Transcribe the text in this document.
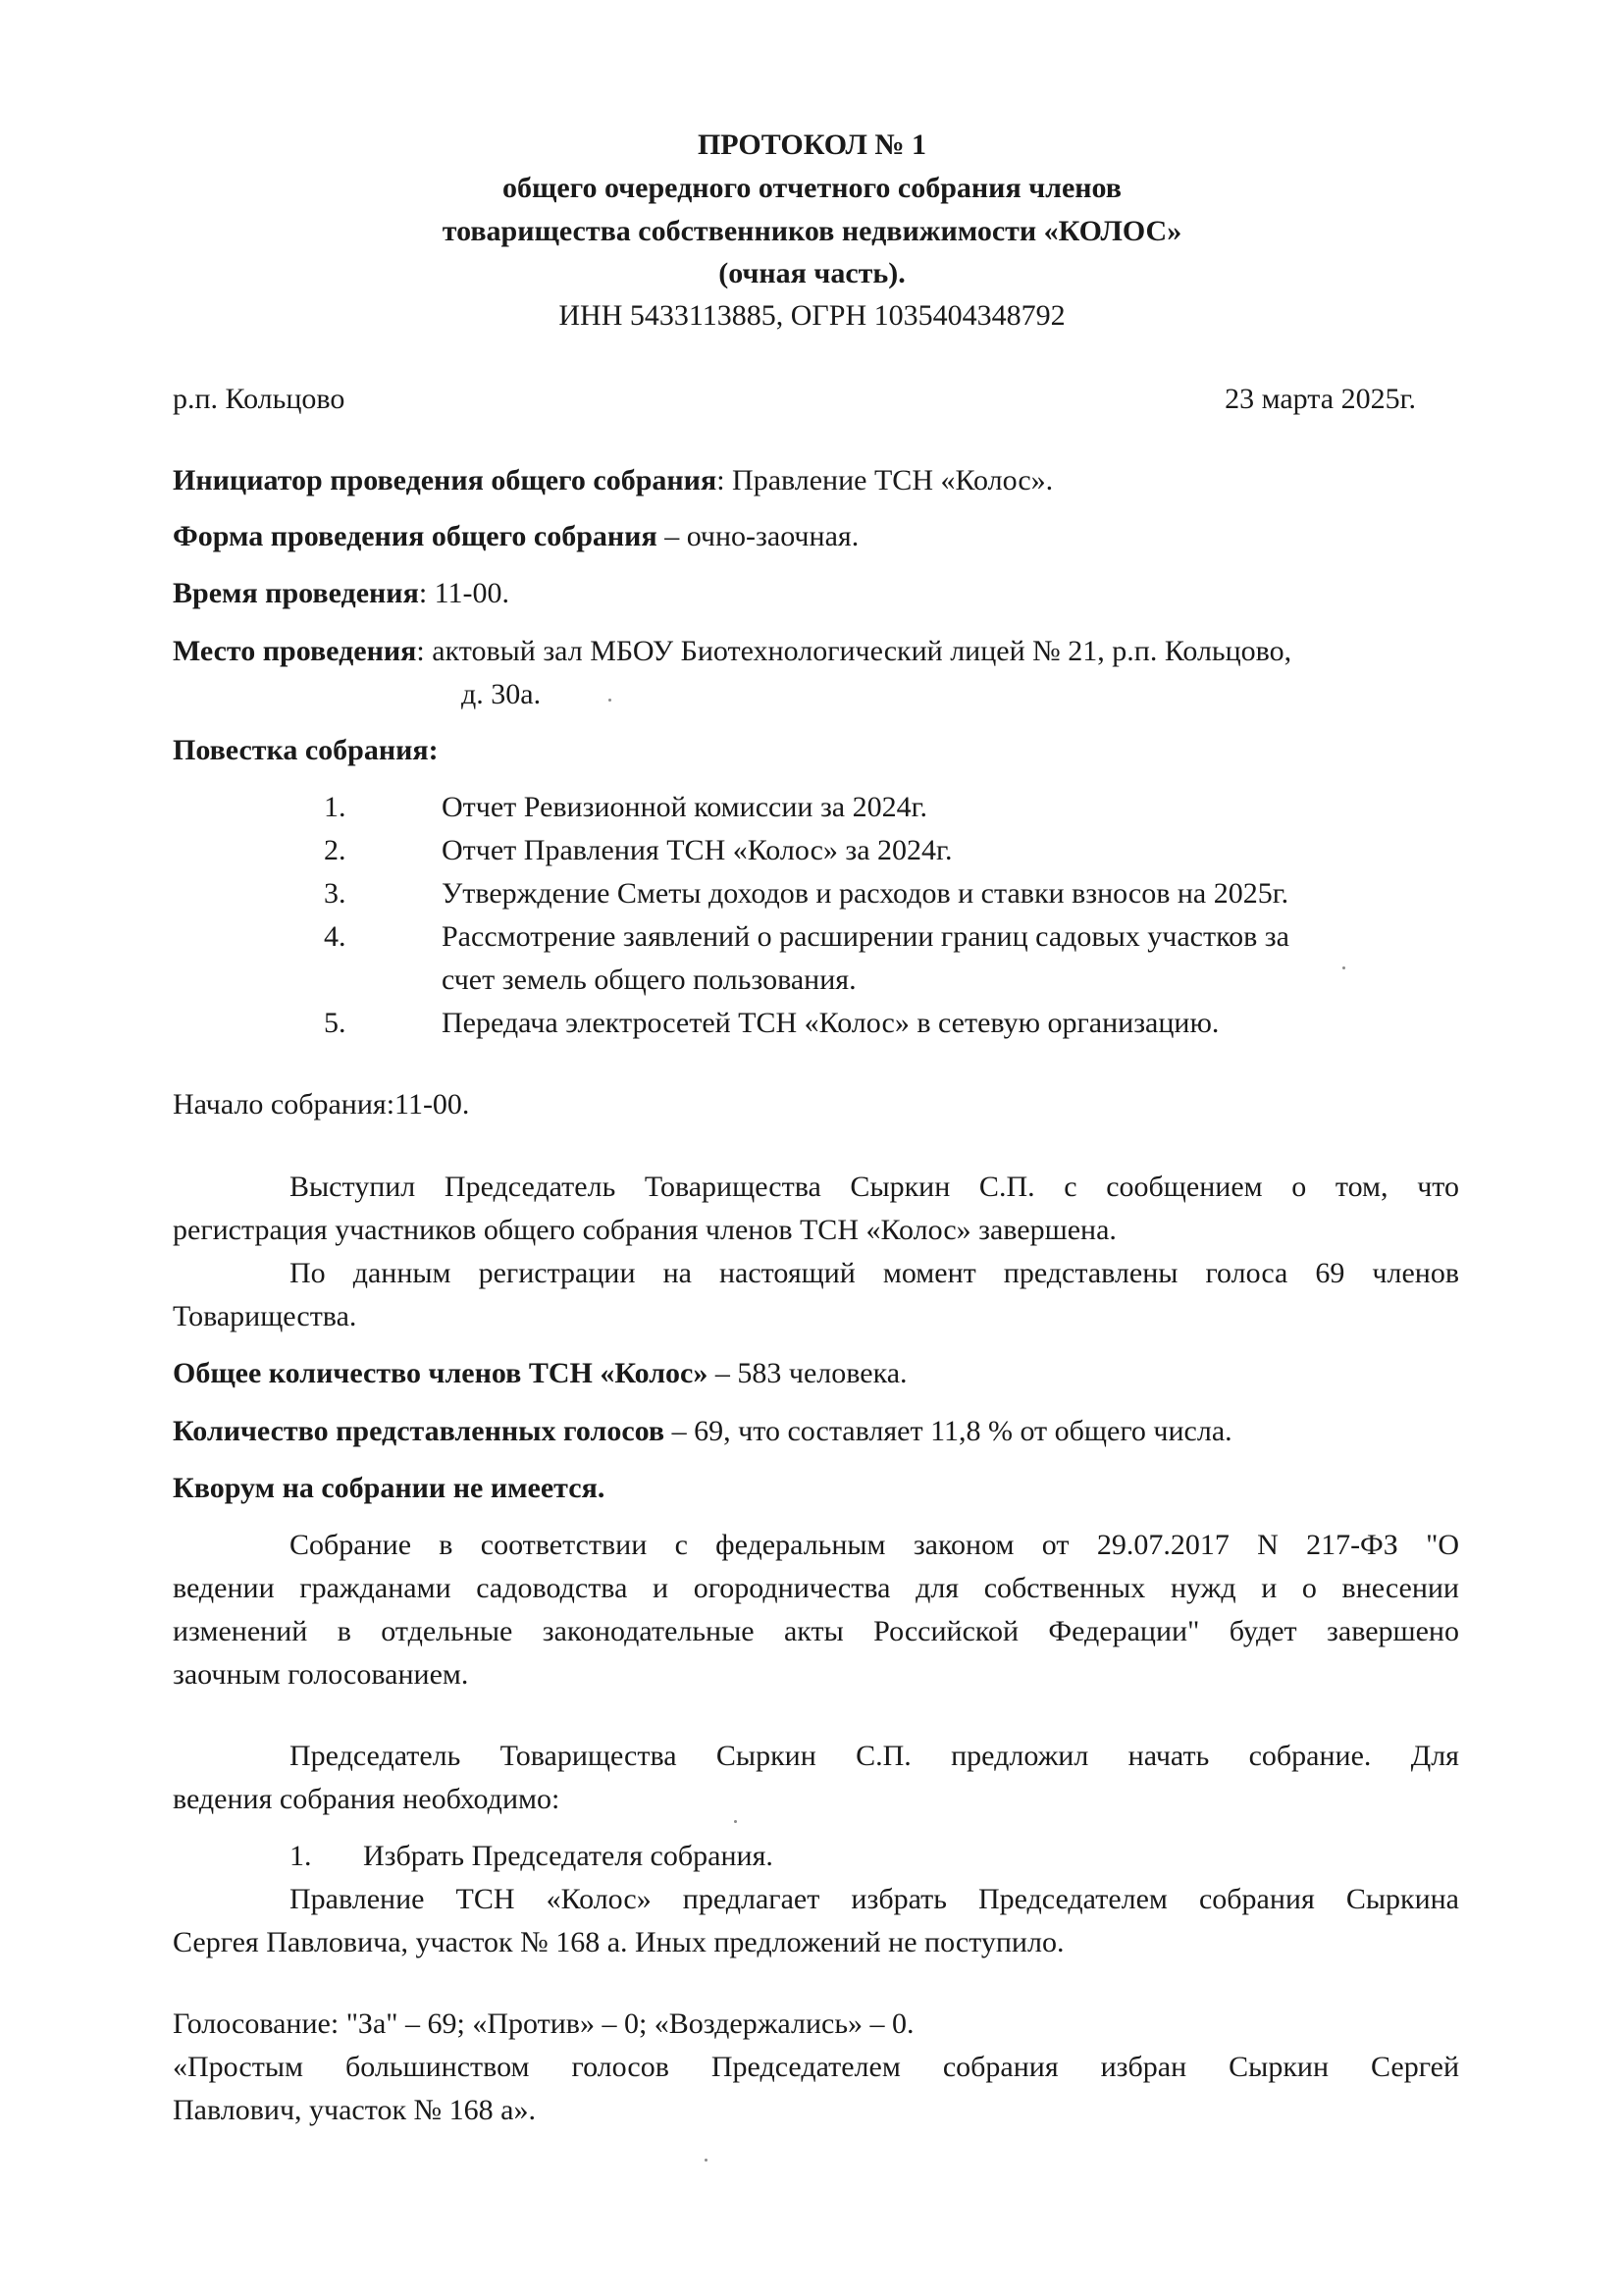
ПРОТОКОЛ № 1
общего очередного отчетного собрания членов
товарищества собственников недвижимости «КОЛОС»
(очная часть).
ИНН 5433113885, ОГРН 1035404348792
р.п. Кольцово	23 марта 2025г.
Инициатор проведения общего собрания: Правление ТСН «Колос».
Форма проведения общего собрания – очно-заочная.
Время проведения: 11-00.
Место проведения: актовый зал МБОУ Биотехнологический лицей № 21, р.п. Кольцово,
д. 30а.
Повестка собрания:
1.	Отчет Ревизионной комиссии за 2024г.
2.	Отчет Правления ТСН «Колос» за 2024г.
3.	Утверждение Сметы доходов и расходов и ставки взносов на 2025г.
4.	Рассмотрение заявлений о расширении границ садовых участков за
счет земель общего пользования.
5.	Передача электросетей ТСН «Колос» в сетевую организацию.
Начало собрания:11-00.
Выступил Председатель Товарищества Сыркин С.П. с сообщением о том, что
регистрация участников общего собрания членов ТСН «Колос» завершена.
По данным регистрации на настоящий момент представлены голоса 69 членов
Товарищества.
Общее количество членов ТСН «Колос» – 583 человека.
Количество представленных голосов – 69, что составляет 11,8 % от общего числа.
Кворум на собрании не имеется.
Собрание в соответствии с федеральным законом от 29.07.2017 N 217-ФЗ "О
ведении гражданами садоводства и огородничества для собственных нужд и о внесении
изменений в отдельные законодательные акты Российской Федерации" будет завершено
заочным голосованием.
Председатель Товарищества Сыркин С.П. предложил начать собрание. Для
ведения собрания необходимо:
1. Избрать Председателя собрания.
Правление ТСН «Колос» предлагает избрать Председателем собрания Сыркина
Сергея Павловича, участок № 168 а. Иных предложений не поступило.
Голосование: "За" – 69; «Против» – 0; «Воздержались» – 0.
«Простым большинством голосов Председателем собрания избран Сыркин Сергей
Павлович, участок № 168 а».
